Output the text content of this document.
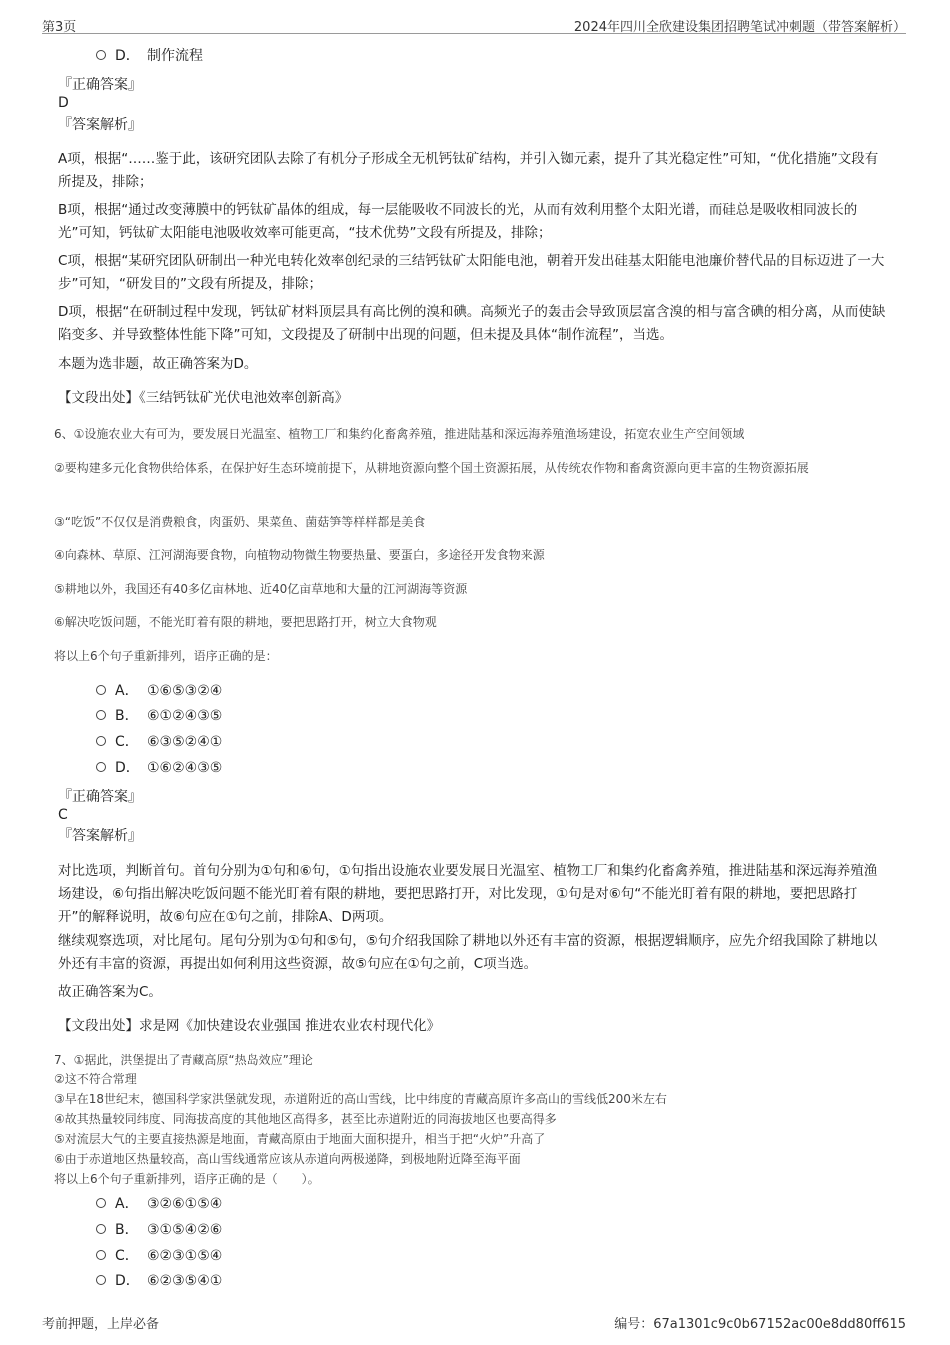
第3页	2024年四川全欣建设集团招聘笔试冲刺题（带答案解析）
D． 制作流程
『正确答案』
D
『答案解析』
A项，根据“……鉴于此，该研究团队去除了有机分子形成全无机钙钛矿结构，并引入铷元素，提升了其光稳定性”可知，“优化措施”文段有所提及，排除；
B项，根据“通过改变薄膜中的钙钛矿晶体的组成，每一层能吸收不同波长的光，从而有效利用整个太阳光谱，而硅总是吸收相同波长的光”可知，钙钛矿太阳能电池吸收效率可能更高，“技术优势”文段有所提及，排除；
C项，根据“某研究团队研制出一种光电转化效率创纪录的三结钙钛矿太阳能电池，朝着开发出硅基太阳能电池廉价替代品的目标迈进了一大步”可知，“研发目的”文段有所提及，排除；
D项，根据“在研制过程中发现，钙钛矿材料顶层具有高比例的溴和碘。高频光子的轰击会导致顶层富含溴的相与富含碘的相分离，从而使缺陷变多、并导致整体性能下降”可知，文段提及了研制中出现的问题，但未提及具体“制作流程”，当选。
本题为选非题，故正确答案为D。
【文段出处】《三结钙钛矿光伏电池效率创新高》
6、①设施农业大有可为，要发展日光温室、植物工厂和集约化畜禽养殖，推进陆基和深远海养殖渔场建设，拓宽农业生产空间领域
②要构建多元化食物供给体系，在保护好生态环境前提下，从耕地资源向整个国土资源拓展，从传统农作物和畜禽资源向更丰富的生物资源拓展
③“吃饭”不仅仅是消费粮食，肉蛋奶、果菜鱼、菌菇笋等样样都是美食
④向森林、草原、江河湖海要食物，向植物动物微生物要热量、要蛋白，多途径开发食物来源
⑤耕地以外，我国还有40多亿亩林地、近40亿亩草地和大量的江河湖海等资源
⑥解决吃饭问题，不能光盯着有限的耕地，要把思路打开，树立大食物观
将以上6个句子重新排列，语序正确的是：
A． ①⑥⑤③②④
B． ⑥①②④③⑤
C． ⑥③⑤②④①
D． ①⑥②④③⑤
『正确答案』
C
『答案解析』
对比选项，判断首句。首句分别为①句和⑥句，①句指出设施农业要发展日光温室、植物工厂和集约化畜禽养殖，推进陆基和深远海养殖渔场建设，⑥句指出解决吃饭问题不能光盯着有限的耕地，要把思路打开，对比发现，①句是对⑥句“不能光盯着有限的耕地，要把思路打开”的解释说明，故⑥句应在①句之前，排除A、D两项。
继续观察选项，对比尾句。尾句分别为①句和⑤句，⑤句介绍我国除了耕地以外还有丰富的资源，根据逻辑顺序，应先介绍我国除了耕地以外还有丰富的资源，再提出如何利用这些资源，故⑤句应在①句之前，C项当选。
故正确答案为C。
【文段出处】求是网《加快建设农业强国 推进农业农村现代化》
7、①据此，洪堡提出了青藏高原“热岛效应”理论
②这不符合常理
③早在18世纪末，德国科学家洪堡就发现，赤道附近的高山雪线，比中纬度的青藏高原许多高山的雪线低200米左右
④故其热量较同纬度、同海拔高度的其他地区高得多，甚至比赤道附近的同海拔地区也要高得多
⑤对流层大气的主要直接热源是地面，青藏高原由于地面大面积提升，相当于把“火炉”升高了
⑥由于赤道地区热量较高，高山雪线通常应该从赤道向两极递降，到极地附近降至海平面
将以上6个句子重新排列，语序正确的是（　　）。
A． ③②⑥①⑤④
B． ③①⑤④②⑥
C． ⑥②③①⑤④
D． ⑥②③⑤④①
考前押题，上岸必备	编号：67a1301c9c0b67152ac00e8dd80ff615
